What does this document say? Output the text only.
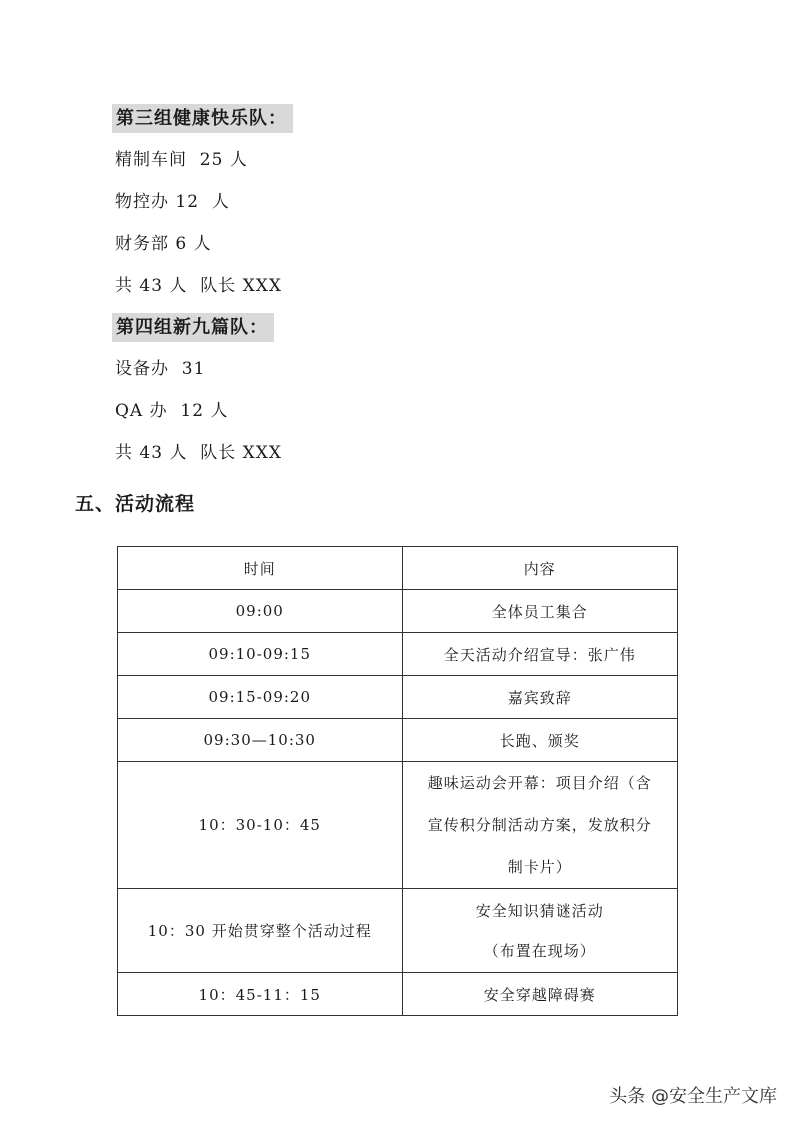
第三组健康快乐队：
精制车间  25 人
物控办 12  人
财务部 6 人
共 43 人  队长 XXX
第四组新九篇队：
设备办  31
QA 办  12 人
共 43 人  队长 XXX
五、活动流程
时间	内容
09:00	全体员工集合
09:10-09:15	全天活动介绍宣导：张广伟
09:15-09:20	嘉宾致辞
09:30—10:30	长跑、颁奖
10：30-10：45	趣味运动会开幕：项目介绍（含
宣传积分制活动方案，发放积分
制卡片）

10：30 开始贯穿整个活动过程	安全知识猜谜活动
（布置在现场）

10：45-11：15	安全穿越障碍赛
头条 @安全生产文库
